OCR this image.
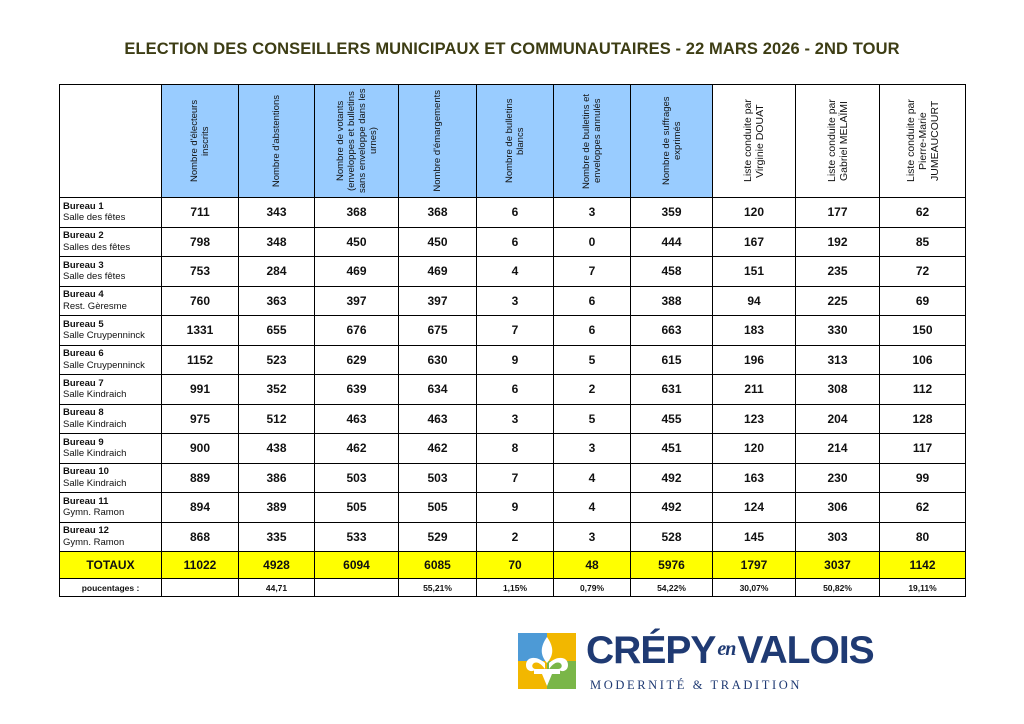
ELECTION DES CONSEILLERS MUNICIPAUX ET COMMUNAUTAIRES - 22 MARS 2026 - 2ND TOUR

	Nombre d'électeurs inscrits	Nombre d'abstentions	Nombre de votants (enveloppes et bulletins sans enveloppe dans les urnes)	Nombre d'émargements	Nombre de bulletins blancs	Nombre de bulletins et enveloppes annulés	Nombre de suffrages exprimés	Liste conduite par Virginie DOUAT	Liste conduite par Gabriel MELAÏMI	Liste conduite par Pierre-Marie JUMEAUCOURT

Bureau 1
Salle des fêtes	711	343	368	368	6	3	359	120	177	62

Bureau 2
Salles des fêtes	798	348	450	450	6	0	444	167	192	85

Bureau 3
Salle des fêtes	753	284	469	469	4	7	458	151	235	72

Bureau 4
Rest. Gèresme	760	363	397	397	3	6	388	94	225	69

Bureau 5
Salle Cruypenninck	1331	655	676	675	7	6	663	183	330	150

Bureau 6
Salle Cruypenninck	1152	523	629	630	9	5	615	196	313	106

Bureau 7
Salle Kindraich	991	352	639	634	6	2	631	211	308	112

Bureau 8
Salle Kindraich	975	512	463	463	3	5	455	123	204	128

Bureau 9
Salle Kindraich	900	438	462	462	8	3	451	120	214	117

Bureau 10
Salle Kindraich	889	386	503	503	7	4	492	163	230	99

Bureau 11
Gymn. Ramon	894	389	505	505	9	4	492	124	306	62

Bureau 12
Gymn. Ramon	868	335	533	529	2	3	528	145	303	80
TOTAUX	11022	4928	6094	6085	70	48	5976	1797	3037	1142
poucentages :		44,71		55,21%	1,15%	0,79%	54,22%	30,07%	50,82%	19,11%
CRÉPY $^{en}$VALOIS
MODERNITÉ & TRADITION
